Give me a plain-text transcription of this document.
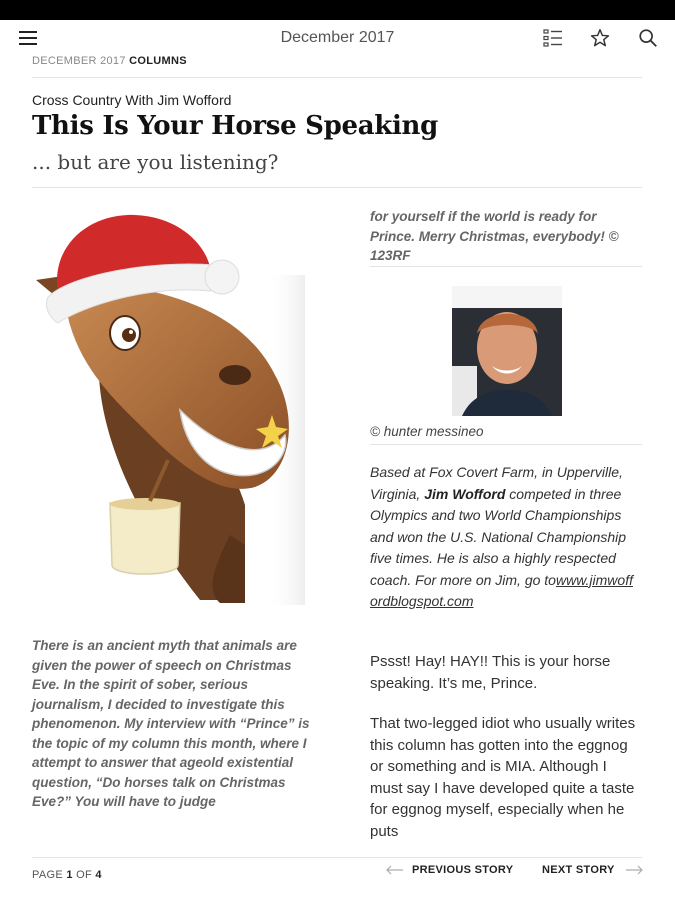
December 2017
DECEMBER 2017 COLUMNS
Cross Country With Jim Wofford
This Is Your Horse Speaking
... but are you listening?

There is an ancient myth that animals are given the power of speech on Christmas Eve. In the spirit of sober, serious journalism, I decided to investigate this phenomenon. My interview with “Prince” is the topic of my column this month, where I attempt to answer that ageold existential question, “Do horses talk on Christmas Eve?” You will have to judge

for yourself if the world is ready for Prince. Merry Christmas, everybody! © 123RF

© hunter messineo

Based at Fox Covert Farm, in Upperville, Virginia, Jim Wofford competed in three Olympics and two World Championships and won the U.S. National Championship five times. He is also a highly respected coach. For more on Jim, go towww.jimwoffordblogspot.com

Pssst! Hay! HAY!! This is your horse speaking. It’s me, Prince.

That two-legged idiot who usually writes this column has gotten into the eggnog or something and is MIA. Although I must say I have developed quite a taste for eggnog myself, especially when he puts

PAGE 1 OF 4	PREVIOUS STORY	NEXT STORY
